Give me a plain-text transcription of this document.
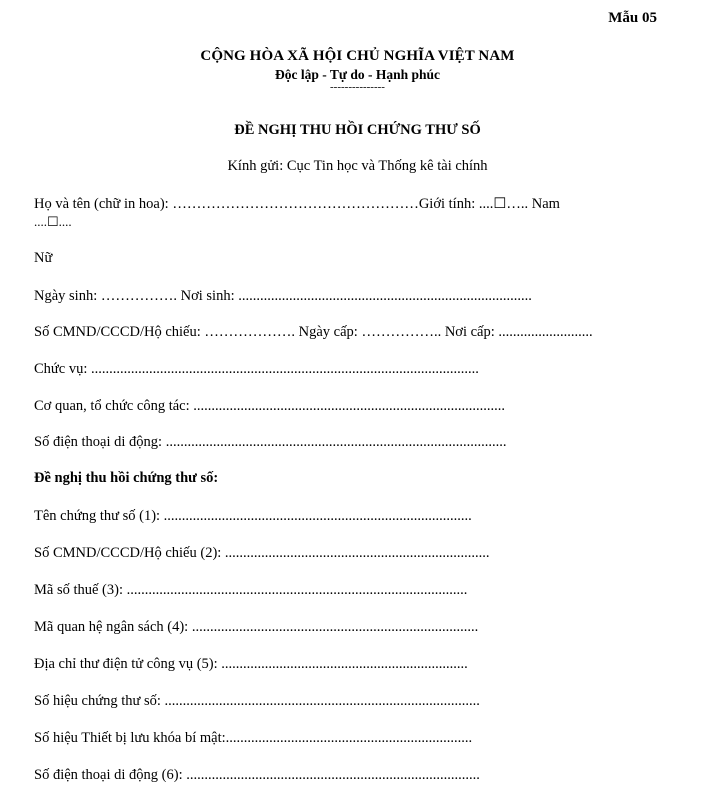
Mẫu 05
CỘNG HÒA XÃ HỘI CHỦ NGHĨA VIỆT NAM
Độc lập - Tự do - Hạnh phúc
---------------
ĐỀ NGHỊ THU HỒI CHỨNG THƯ SỐ
Kính gửi: Cục Tin học và Thống kê tài chính
Họ và tên (chữ in hoa): ……………………………………………Giới tính: ....☐….. Nam
....☐....
Nữ
Ngày sinh: ……………. Nơi sinh: .................................................................................
Số CMND/CCCD/Hộ chiếu: ………………. Ngày cấp: …………….. Nơi cấp: ..........................
Chức vụ: ...........................................................................................................
Cơ quan, tổ chức công tác: ......................................................................................
Số điện thoại di động: ..............................................................................................
Đề nghị thu hồi chứng thư số:
Tên chứng thư số (1): .....................................................................................
Số CMND/CCCD/Hộ chiếu (2): .........................................................................
Mã số thuế (3): ..............................................................................................
Mã quan hệ ngân sách (4): ...............................................................................
Địa chỉ thư điện tử công vụ (5): ....................................................................
Số hiệu chứng thư số: .......................................................................................
Số hiệu Thiết bị lưu khóa bí mật:....................................................................
Số điện thoại di động (6): .................................................................................
